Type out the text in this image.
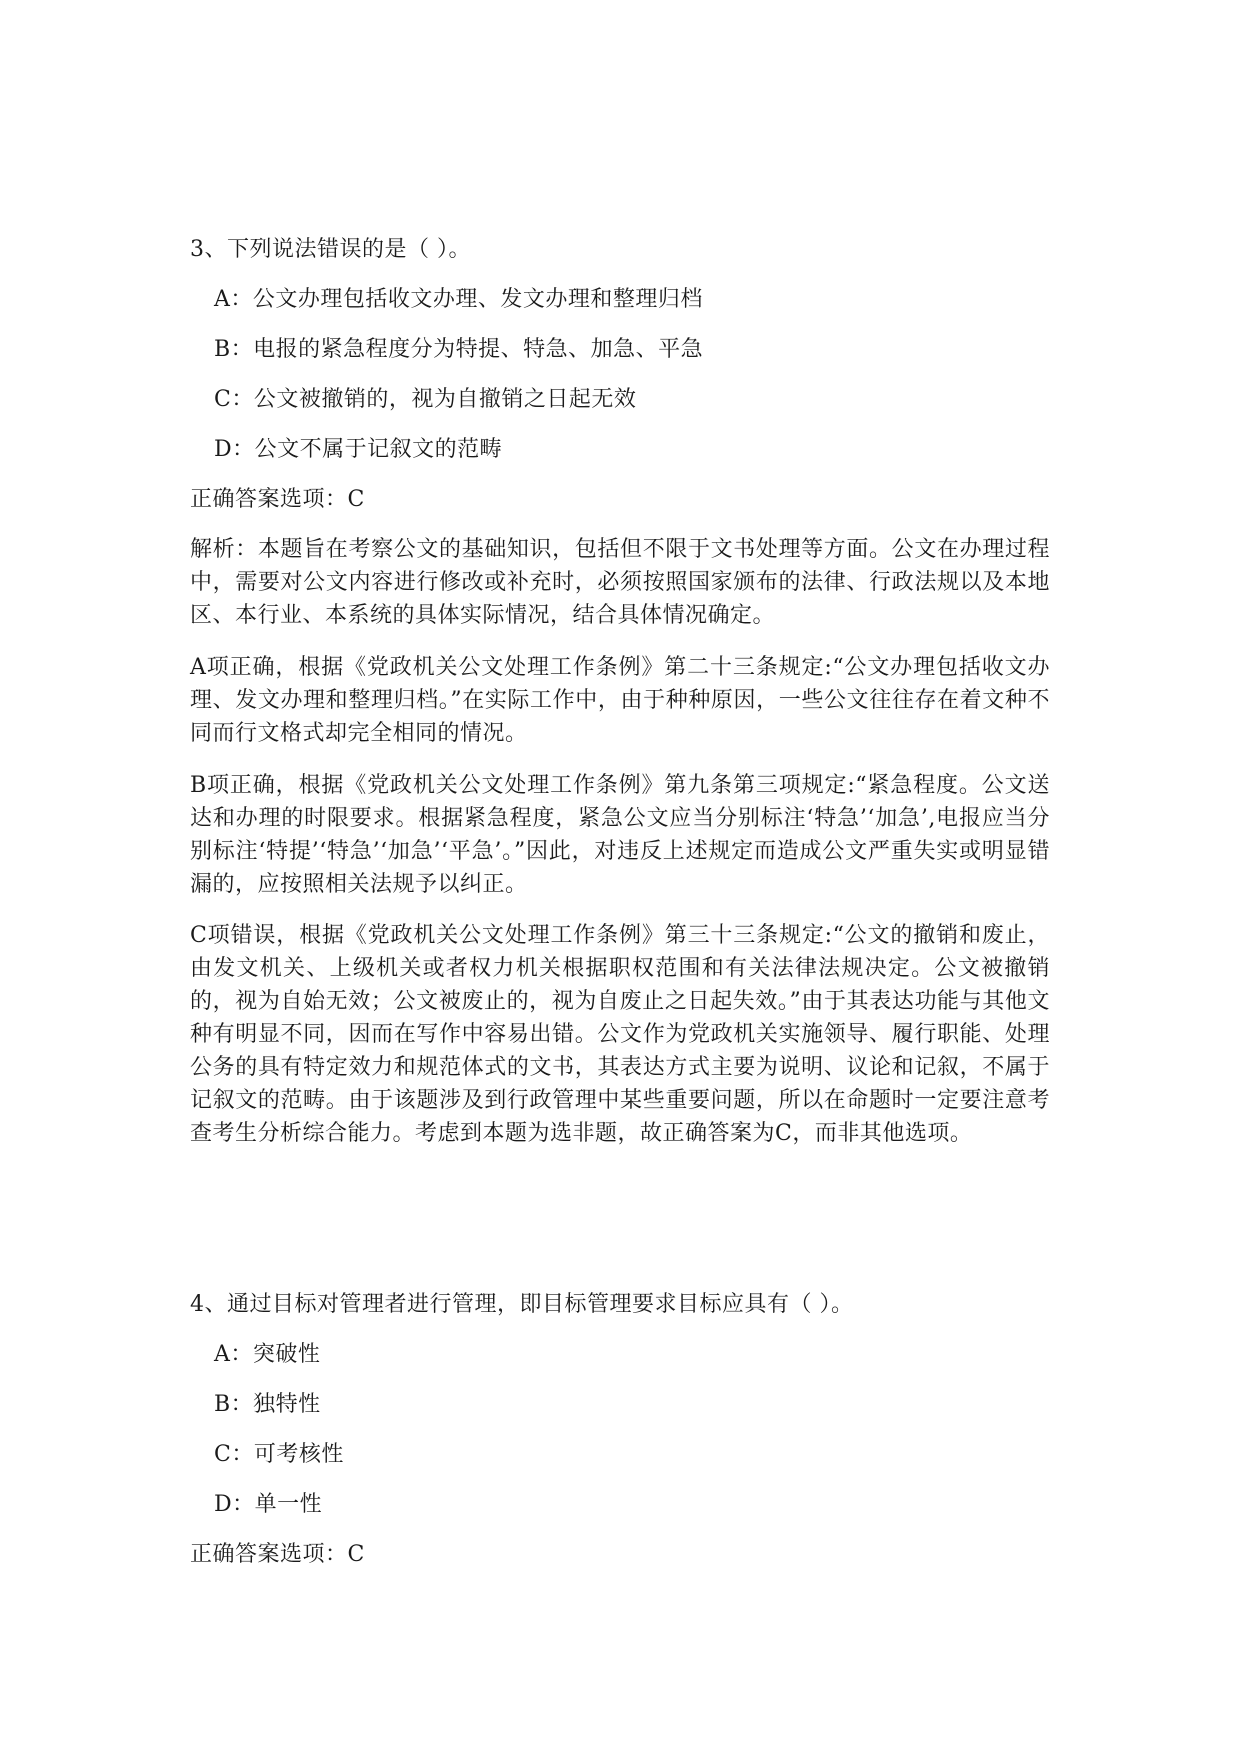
3、下列说法错误的是（ ）。
A：公文办理包括收文办理、发文办理和整理归档
B：电报的紧急程度分为特提、特急、加急、平急
C：公文被撤销的，视为自撤销之日起无效
D：公文不属于记叙文的范畴
正确答案选项：C
解析：本题旨在考察公文的基础知识，包括但不限于文书处理等方面。公文在办理过程中，需要对公文内容进行修改或补充时，必须按照国家颁布的法律、行政法规以及本地区、本行业、本系统的具体实际情况，结合具体情况确定。
A项正确，根据《党政机关公文处理工作条例》第二十三条规定:“公文办理包括收文办理、发文办理和整理归档。”在实际工作中，由于种种原因，一些公文往往存在着文种不同而行文格式却完全相同的情况。
B项正确，根据《党政机关公文处理工作条例》第九条第三项规定:“紧急程度。公文送达和办理的时限要求。根据紧急程度，紧急公文应当分别标注‘特急’‘加急’,电报应当分别标注‘特提’‘特急’‘加急’‘平急’。”因此，对违反上述规定而造成公文严重失实或明显错漏的，应按照相关法规予以纠正。
C项错误，根据《党政机关公文处理工作条例》第三十三条规定:“公文的撤销和废止，由发文机关、上级机关或者权力机关根据职权范围和有关法律法规决定。公文被撤销的，视为自始无效；公文被废止的，视为自废止之日起失效。”由于其表达功能与其他文种有明显不同，因而在写作中容易出错。公文作为党政机关实施领导、履行职能、处理公务的具有特定效力和规范体式的文书，其表达方式主要为说明、议论和记叙，不属于记叙文的范畴。由于该题涉及到行政管理中某些重要问题，所以在命题时一定要注意考查考生分析综合能力。考虑到本题为选非题，故正确答案为C，而非其他选项。
4、通过目标对管理者进行管理，即目标管理要求目标应具有（ ）。
A：突破性
B：独特性
C：可考核性
D：单一性
正确答案选项：C
